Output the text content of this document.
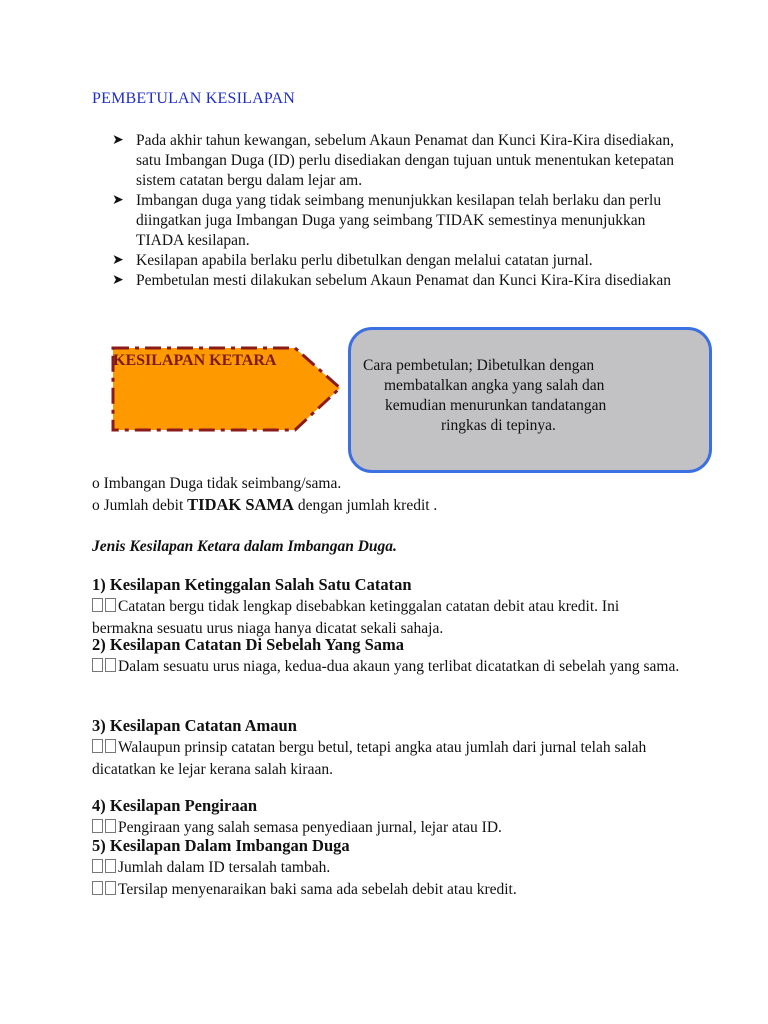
PEMBETULAN KESILAPAN

➤ Pada akhir tahun kewangan, sebelum Akaun Penamat dan Kunci Kira-Kira disediakan, satu Imbangan Duga (ID) perlu disediakan dengan tujuan untuk menentukan ketepatan sistem catatan bergu dalam lejar am.

➤ Imbangan duga yang tidak seimbang menunjukkan kesilapan telah berlaku dan perlu diingatkan juga Imbangan Duga yang seimbang TIDAK semestinya menunjukkan TIADA kesilapan.

➤ Kesilapan apabila berlaku perlu dibetulkan dengan melalui catatan jurnal.

➤ Pembetulan mesti dilakukan sebelum Akaun Penamat dan Kunci Kira-Kira disediakan

KESILAPAN KETARA	Cara pembetulan; Dibetulkan dengan
membatalkan angka yang salah dan
kemudian menurunkan tandatangan
ringkas di tepinya.
o Imbangan Duga tidak seimbang/sama.
o Jumlah debit TIDAK SAMA dengan jumlah kredit .
Jenis Kesilapan Ketara dalam Imbangan Duga.
1) Kesilapan Ketinggalan Salah Satu Catatan

Catatan bergu tidak lengkap disebabkan ketinggalan catatan debit atau kredit. Ini bermakna sesuatu urus niaga hanya dicatat sekali sahaja.

2) Kesilapan Catatan Di Sebelah Yang Sama

Dalam sesuatu urus niaga, kedua-dua akaun yang terlibat dicatatkan di sebelah yang sama.

3) Kesilapan Catatan Amaun

Walaupun prinsip catatan bergu betul, tetapi angka atau jumlah dari jurnal telah salah dicatatkan ke lejar kerana salah kiraan.

4) Kesilapan Pengiraan

Pengiraan yang salah semasa penyediaan jurnal, lejar atau ID.

5) Kesilapan Dalam Imbangan Duga

Jumlah dalam ID tersalah tambah.

Tersilap menyenaraikan baki sama ada sebelah debit atau kredit.
